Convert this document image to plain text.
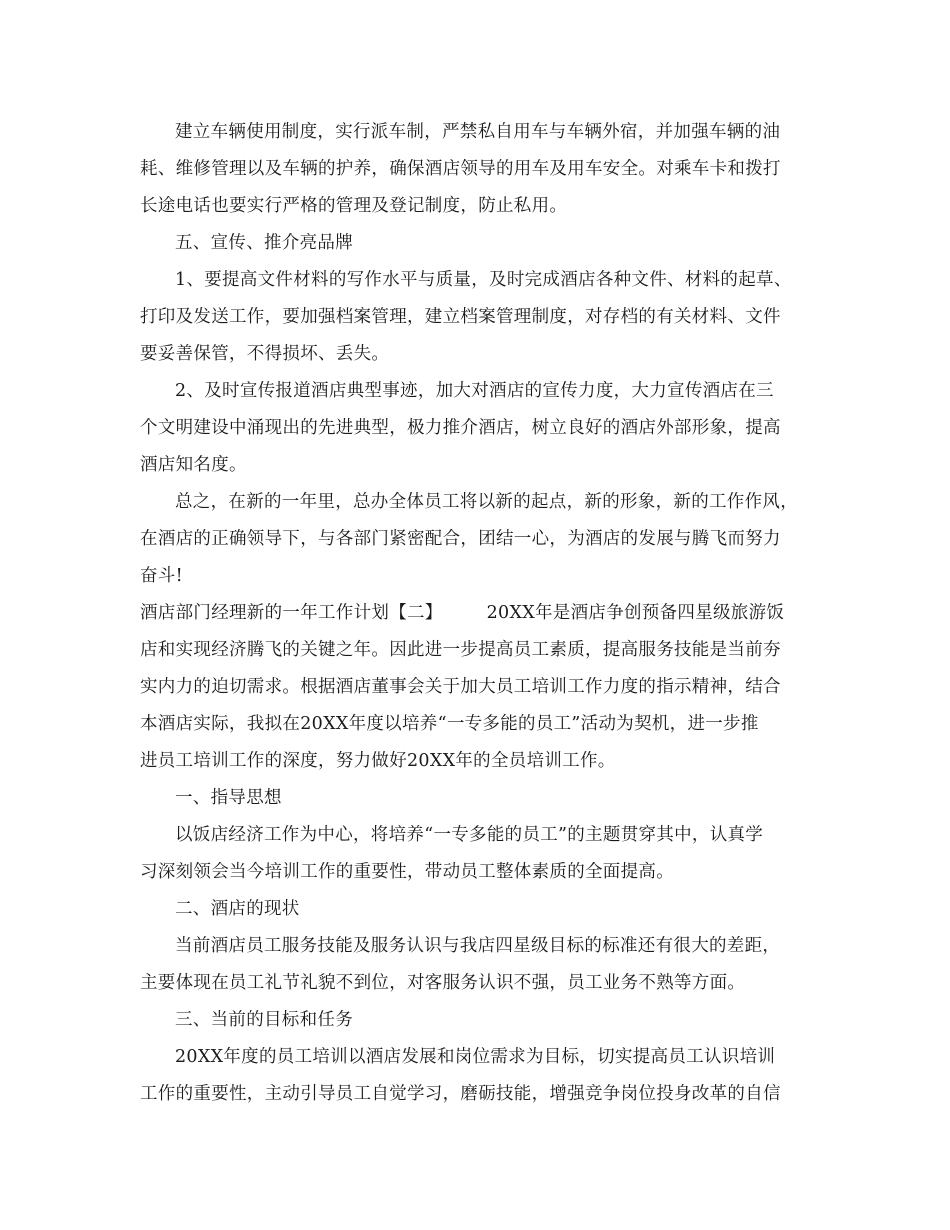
建立车辆使用制度，实行派车制，严禁私自用车与车辆外宿，并加强车辆的油
耗、维修管理以及车辆的护养，确保酒店领导的用车及用车安全。对乘车卡和拨打
长途电话也要实行严格的管理及登记制度，防止私用。
五、宣传、推介亮品牌
1、要提高文件材料的写作水平与质量，及时完成酒店各种文件、材料的起草、
打印及发送工作，要加强档案管理，建立档案管理制度，对存档的有关材料、文件
要妥善保管，不得损坏、丢失。
2、及时宣传报道酒店典型事迹，加大对酒店的宣传力度，大力宣传酒店在三
个文明建设中涌现出的先进典型，极力推介酒店，树立良好的酒店外部形象，提高
酒店知名度。
总之，在新的一年里，总办全体员工将以新的起点，新的形象，新的工作作风，
在酒店的正确领导下，与各部门紧密配合，团结一心，为酒店的发展与腾飞而努力
奋斗!
酒店部门经理新的一年工作计划【二】	20XX年是酒店争创预备四星级旅游饭
店和实现经济腾飞的关键之年。因此进一步提高员工素质，提高服务技能是当前夯
实内力的迫切需求。根据酒店董事会关于加大员工培训工作力度的指示精神，结合
本酒店实际，我拟在20XX年度以培养“一专多能的员工”活动为契机，进一步推
进员工培训工作的深度，努力做好20XX年的全员培训工作。
一、指导思想
以饭店经济工作为中心，将培养“一专多能的员工”的主题贯穿其中，认真学
习深刻领会当今培训工作的重要性，带动员工整体素质的全面提高。
二、酒店的现状
当前酒店员工服务技能及服务认识与我店四星级目标的标准还有很大的差距，
主要体现在员工礼节礼貌不到位，对客服务认识不强，员工业务不熟等方面。
三、当前的目标和任务
20XX年度的员工培训以酒店发展和岗位需求为目标，切实提高员工认识培训
工作的重要性，主动引导员工自觉学习，磨砺技能，增强竞争岗位投身改革的自信
